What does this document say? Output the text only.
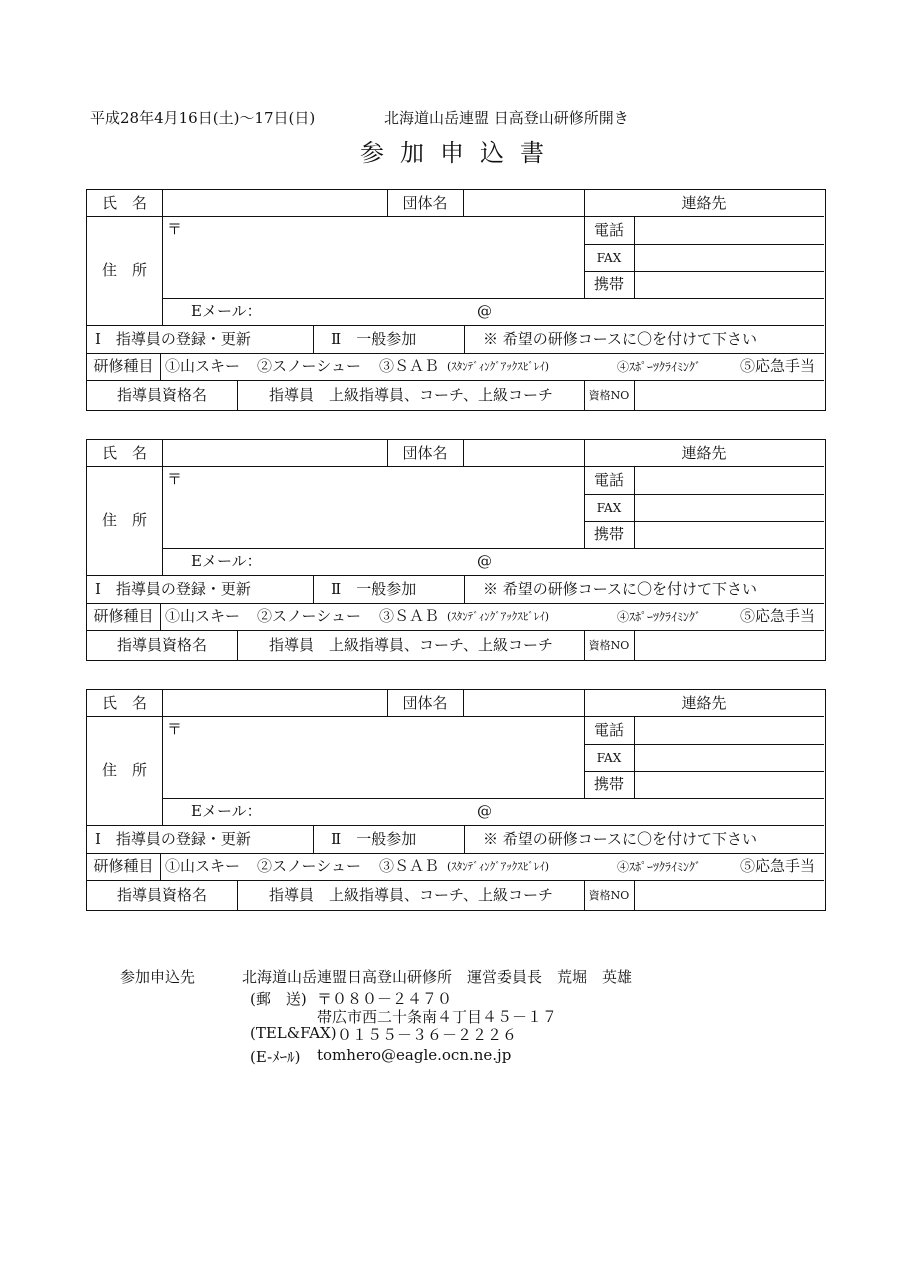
平成28年4月16日(土)～17日(日)	北海道山岳連盟 日高登山研修所開き
参加申込書
氏　名	団体名	連絡先
住　所
〒	電話
FAX
携帯
Eメール：	@
Ⅰ　指導員の登録・更新	Ⅱ　一般参加	※ 希望の研修コースに〇を付けて下さい
研修種目 ①山スキー ②スノーシュー ③ＳＡＢ (ｽﾀﾝﾃﾞｨﾝｸﾞｱｯｸｽﾋﾞﾚｲ)	④ｽﾎﾟｰﾂｸﾗｲﾐﾝｸﾞ	⑤応急手当
指導員資格名	指導員　上級指導員、コーチ、上級コーチ	資格NO
氏　名	団体名	連絡先
住　所
〒	電話
FAX
携帯
Eメール：	@
Ⅰ　指導員の登録・更新	Ⅱ　一般参加	※ 希望の研修コースに〇を付けて下さい
研修種目 ①山スキー ②スノーシュー ③ＳＡＢ (ｽﾀﾝﾃﾞｨﾝｸﾞｱｯｸｽﾋﾞﾚｲ)	④ｽﾎﾟｰﾂｸﾗｲﾐﾝｸﾞ	⑤応急手当
指導員資格名	指導員　上級指導員、コーチ、上級コーチ	資格NO
氏　名	団体名	連絡先
住　所
〒	電話
FAX
携帯
Eメール：	@
Ⅰ　指導員の登録・更新	Ⅱ　一般参加	※ 希望の研修コースに〇を付けて下さい
研修種目 ①山スキー ②スノーシュー ③ＳＡＢ (ｽﾀﾝﾃﾞｨﾝｸﾞｱｯｸｽﾋﾞﾚｲ)	④ｽﾎﾟｰﾂｸﾗｲﾐﾝｸﾞ	⑤応急手当
指導員資格名	指導員　上級指導員、コーチ、上級コーチ	資格NO
参加申込先	北海道山岳連盟日高登山研修所　運営委員長　荒堀　英雄
(郵　送) 〒０８０－２４７０
帯広市西二十条南４丁目４５－１７
(TEL&FAX) ０１５５－３６－２２２６
(E-ﾒｰﾙ) tomhero@eagle.ocn.ne.jp
